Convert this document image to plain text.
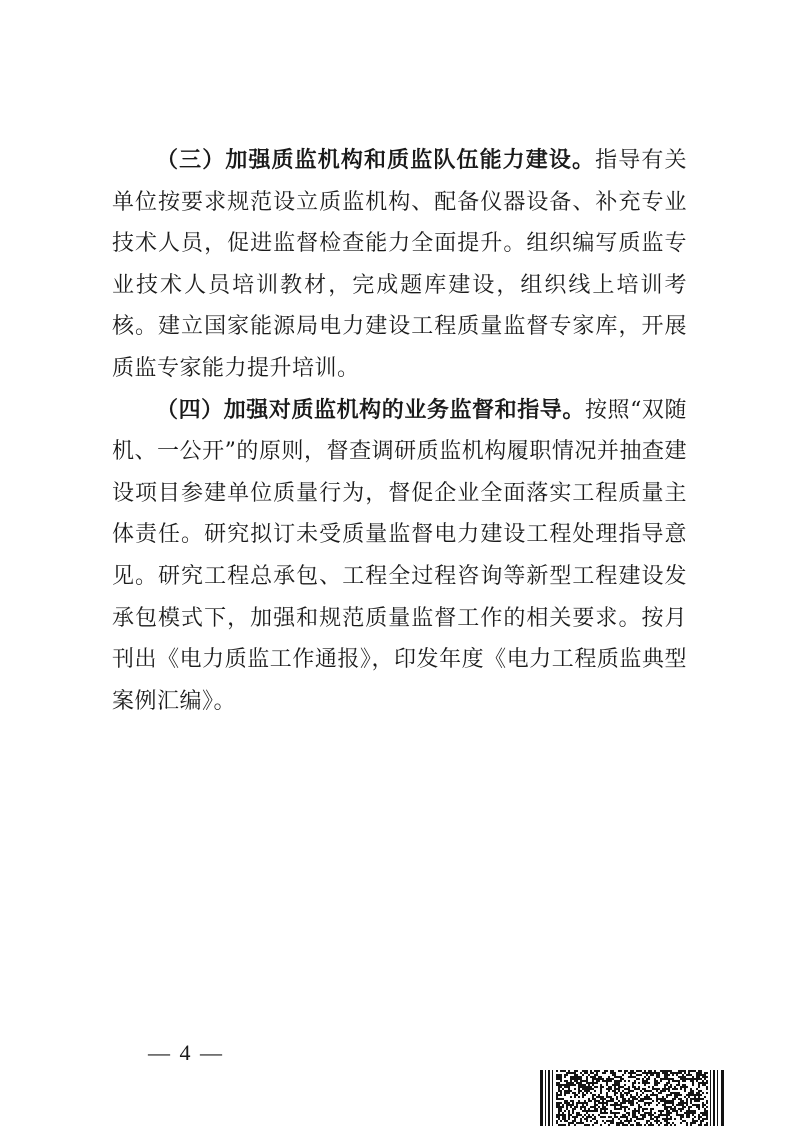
（三）加强质监机构和质监队伍能力建设。指导有关单位按要求规范设立质监机构、配备仪器设备、补充专业技术人员，促进监督检查能力全面提升。组织编写质监专业技术人员培训教材，完成题库建设，组织线上培训考核。建立国家能源局电力建设工程质量监督专家库，开展质监专家能力提升培训。

（四）加强对质监机构的业务监督和指导。按照“双随机、一公开”的原则，督查调研质监机构履职情况并抽查建设项目参建单位质量行为，督促企业全面落实工程质量主体责任。研究拟订未受质量监督电力建设工程处理指导意见。研究工程总承包、工程全过程咨询等新型工程建设发承包模式下，加强和规范质量监督工作的相关要求。按月刊出《电力质监工作通报》，印发年度《电力工程质监典型案例汇编》。

— 4 —
